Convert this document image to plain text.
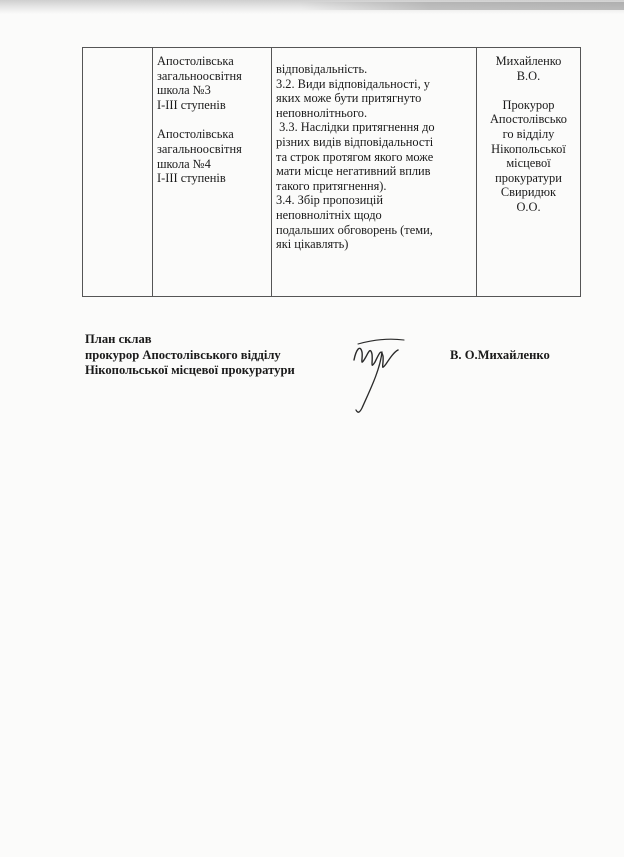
Апостолівська
загальноосвітня
школа №3
І-ІІІ ступенів
Апостолівська
загальноосвітня
школа №4
І-ІІІ ступенів

відповідальність.
3.2. Види відповідальності, у
яких може бути притягнуто
неповнолітнього.
3.3. Наслідки притягнення до
різних видів відповідальності
та строк протягом якого може
мати місце негативний вплив
такого притягнення).
3.4. Збір пропозицій
неповнолітніх щодо
подальших обговорень (теми,
які цікавлять)

Михайленко
В.О.
Прокурор
Апостолівсько
го відділу
Нікопольської
місцевої
прокуратури
Свиридюк
О.О.
План склав
прокурор Апостолівського відділу
Нікопольської місцевої прокуратури
В. О.Михайленко
